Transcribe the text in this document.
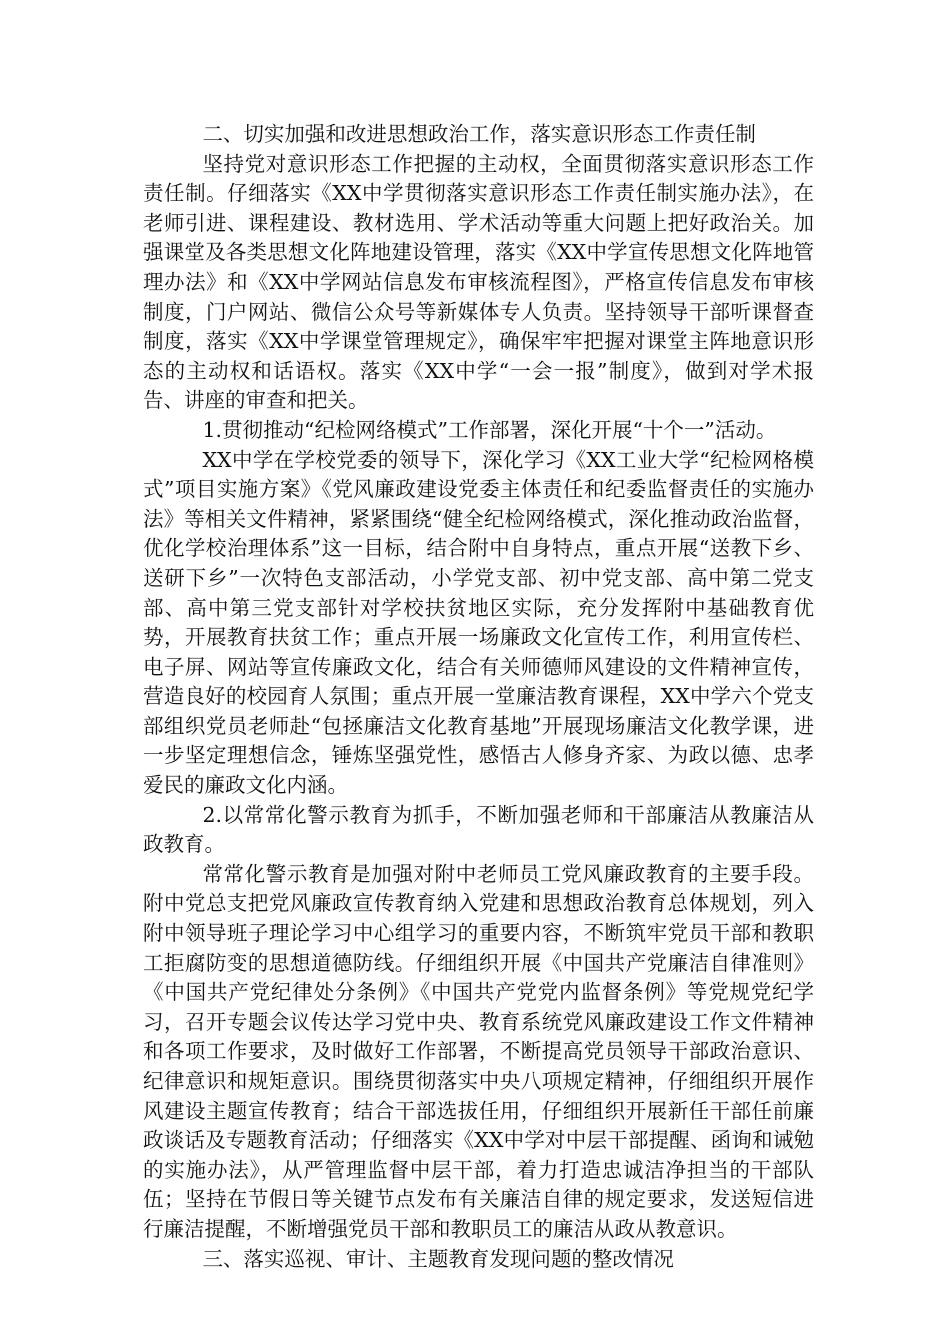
二、切实加强和改进思想政治工作，落实意识形态工作责任制

坚持党对意识形态工作把握的主动权，全面贯彻落实意识形态工作责任制。仔细落实《XX中学贯彻落实意识形态工作责任制实施办法》，在老师引进、课程建设、教材选用、学术活动等重大问题上把好政治关。加强课堂及各类思想文化阵地建设管理，落实《XX中学宣传思想文化阵地管理办法》和《XX中学网站信息发布审核流程图》，严格宣传信息发布审核制度，门户网站、微信公众号等新媒体专人负责。坚持领导干部听课督查制度，落实《XX中学课堂管理规定》，确保牢牢把握对课堂主阵地意识形态的主动权和话语权。落实《XX中学“一会一报”制度》，做到对学术报告、讲座的审查和把关。

1.贯彻推动“纪检网络模式”工作部署，深化开展“十个一”活动。

XX中学在学校党委的领导下，深化学习《XX工业大学“纪检网格模式”项目实施方案》《党风廉政建设党委主体责任和纪委监督责任的实施办法》等相关文件精神，紧紧围绕“健全纪检网络模式，深化推动政治监督，优化学校治理体系”这一目标，结合附中自身特点，重点开展“送教下乡、送研下乡”一次特色支部活动，小学党支部、初中党支部、高中第二党支部、高中第三党支部针对学校扶贫地区实际，充分发挥附中基础教育优势，开展教育扶贫工作；重点开展一场廉政文化宣传工作，利用宣传栏、电子屏、网站等宣传廉政文化，结合有关师德师风建设的文件精神宣传，营造良好的校园育人氛围；重点开展一堂廉洁教育课程，XX中学六个党支部组织党员老师赴“包拯廉洁文化教育基地”开展现场廉洁文化教学课，进一步坚定理想信念，锤炼坚强党性，感悟古人修身齐家、为政以德、忠孝爱民的廉政文化内涵。

2.以常常化警示教育为抓手，不断加强老师和干部廉洁从教廉洁从政教育。

常常化警示教育是加强对附中老师员工党风廉政教育的主要手段。附中党总支把党风廉政宣传教育纳入党建和思想政治教育总体规划，列入附中领导班子理论学习中心组学习的重要内容，不断筑牢党员干部和教职工拒腐防变的思想道德防线。仔细组织开展《中国共产党廉洁自律准则》《中国共产党纪律处分条例》《中国共产党党内监督条例》等党规党纪学习，召开专题会议传达学习党中央、教育系统党风廉政建设工作文件精神和各项工作要求，及时做好工作部署，不断提高党员领导干部政治意识、纪律意识和规矩意识。围绕贯彻落实中央八项规定精神，仔细组织开展作风建设主题宣传教育；结合干部选拔任用，仔细组织开展新任干部任前廉政谈话及专题教育活动；仔细落实《XX中学对中层干部提醒、函询和诫勉的实施办法》，从严管理监督中层干部，着力打造忠诚洁净担当的干部队伍；坚持在节假日等关键节点发布有关廉洁自律的规定要求，发送短信进行廉洁提醒，不断增强党员干部和教职员工的廉洁从政从教意识。

三、落实巡视、审计、主题教育发现问题的整改情况
